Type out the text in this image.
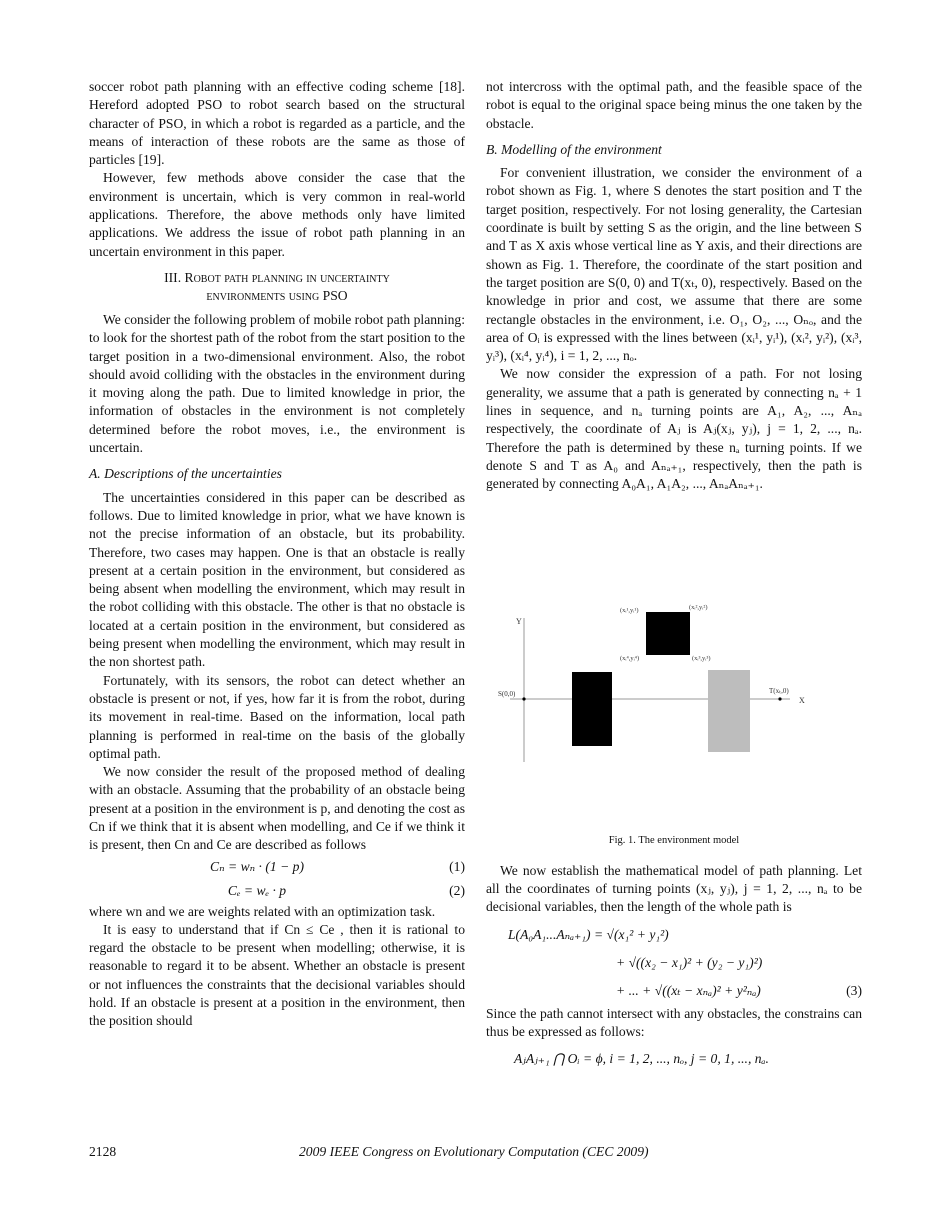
soccer robot path planning with an effective coding scheme [18]. Hereford adopted PSO to robot search based on the structural character of PSO, in which a robot is regarded as a particle, and the means of interaction of these robots are the same as those of particles [19].

However, few methods above consider the case that the environment is uncertain, which is very common in real-world applications. Therefore, the above methods only have limited applications. We address the issue of robot path planning in an uncertain environment in this paper.

III. Robot path planning in uncertainty
environments using PSO

We consider the following problem of mobile robot path planning: to look for the shortest path of the robot from the start position to the target position in a two-dimensional environment. Also, the robot should avoid colliding with the obstacles in the environment during it moving along the path. Due to limited knowledge in prior, the information of obstacles in the environment is not completely determined before the robot moves, i.e., the environment is uncertain.

A. Descriptions of the uncertainties

The uncertainties considered in this paper can be described as follows. Due to limited knowledge in prior, what we have known is not the precise information of an obstacle, but its probability. Therefore, two cases may happen. One is that an obstacle is really present at a certain position in the environment, but considered as being absent when modelling the environment, which may result in the robot colliding with this obstacle. The other is that no obstacle is located at a certain position in the environment, but considered as being present when modelling the environment, which may result in the non shortest path.

Fortunately, with its sensors, the robot can detect whether an obstacle is present or not, if yes, how far it is from the robot, during its movement in real-time. Based on the information, local path planning is performed in real-time on the basis of the globally optimal path.

We now consider the result of the proposed method of dealing with an obstacle. Assuming that the probability of an obstacle being present at a position in the environment is p, and denoting the cost as Cn if we think that it is absent when modelling, and Ce if we think it is present, then Cn and Ce are described as follows

Cₙ = wₙ · (1 − p)	(1)
Cₑ = wₑ · p	(2)

where wn and we are weights related with an optimization task.

It is easy to understand that if Cn ≤ Ce , then it is rational to regard the obstacle to be present when modelling; otherwise, it is reasonable to regard it to be absent. Whether an obstacle is present or not influences the constraints that the decisional variables should hold. If an obstacle is present at a position in the environment, then the position should

not intercross with the optimal path, and the feasible space of the robot is equal to the original space being minus the one taken by the obstacle.

B. Modelling of the environment

For convenient illustration, we consider the environment of a robot shown as Fig. 1, where S denotes the start position and T the target position, respectively. For not losing generality, the Cartesian coordinate is built by setting S as the origin, and the line between S and T as X axis whose vertical line as Y axis, and their directions are shown as Fig. 1. Therefore, the coordinate of the start position and the target position are S(0, 0) and T(xₜ, 0), respectively. Based on the knowledge in prior and cost, we assume that there are some rectangle obstacles in the environment, i.e. O₁, O₂, ..., Oₙₒ, and the area of Oᵢ is expressed with the lines between (xᵢ¹, yᵢ¹), (xᵢ², yᵢ²), (xᵢ³, yᵢ³), (xᵢ⁴, yᵢ⁴), i = 1, 2, ..., nₒ.

We now consider the expression of a path. For not losing generality, we assume that a path is generated by connecting nₐ + 1 lines in sequence, and nₐ turning points are A₁, A₂, ..., Aₙₐ respectively, the coordinate of Aⱼ is Aⱼ(xⱼ, yⱼ), j = 1, 2, ..., nₐ. Therefore the path is determined by these nₐ turning points. If we denote S and T as A₀ and Aₙₐ₊₁, respectively, then the path is generated by connecting A₀A₁, A₁A₂, ..., AₙₐAₙₐ₊₁.

Y
X
S(0,0)	T(xₜ,0)
(xᵢ¹,yᵢ¹)	(xᵢ²,yᵢ²)
(xᵢ⁴,yᵢ⁴)	(xᵢ³,yᵢ³)
Fig. 1. The environment model

We now establish the mathematical model of path planning. Let all the coordinates of turning points (xⱼ, yⱼ), j = 1, 2, ..., nₐ to be decisional variables, then the length of the whole path is

L(A₀A₁...Aₙₐ₊₁) = √(x₁² + y₁²)
+ √((x₂ − x₁)² + (y₂ − y₁)²)
+ ... + √((xₜ − xₙₐ)² + y²ₙₐ)	(3)

Since the path cannot intersect with any obstacles, the constrains can thus be expressed as follows:

AⱼAⱼ₊₁ ⋂ Oᵢ = ϕ, i = 1, 2, ..., nₒ, j = 0, 1, ..., nₐ.
2128	2009 IEEE Congress on Evolutionary Computation (CEC 2009)
